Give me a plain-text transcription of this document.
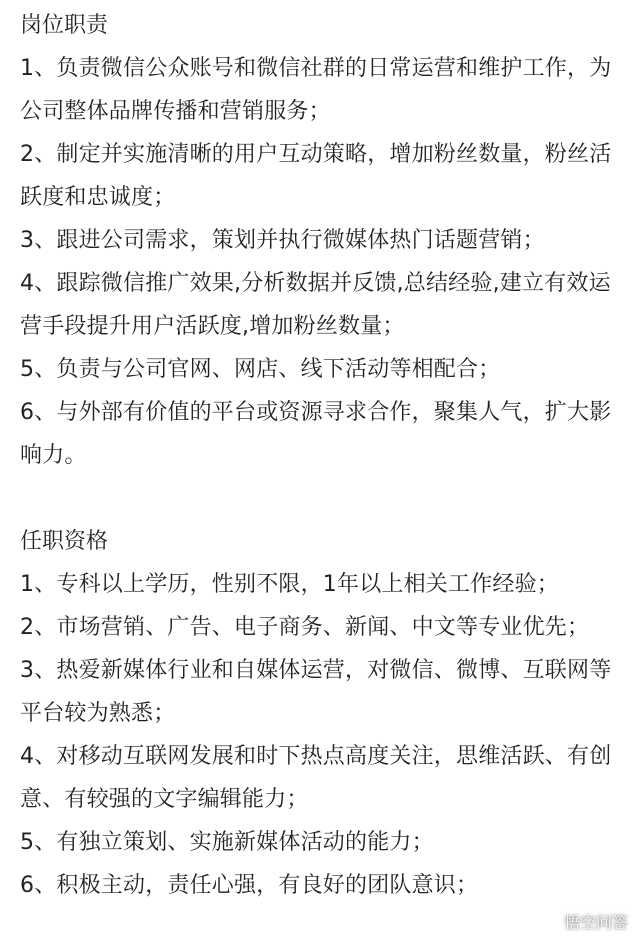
岗位职责

1、负责微信公众账号和微信社群的日常运营和维护工作，为公司整体品牌传播和营销服务；

2、制定并实施清晰的用户互动策略，增加粉丝数量，粉丝活跃度和忠诚度；

3、跟进公司需求，策划并执行微媒体热门话题营销；

4、跟踪微信推广效果,分析数据并反馈,总结经验,建立有效运营手段提升用户活跃度,增加粉丝数量；

5、负责与公司官网、网店、线下活动等相配合；

6、与外部有价值的平台或资源寻求合作，聚集人气，扩大影响力。

任职资格

1、专科以上学历，性别不限，1年以上相关工作经验；

2、市场营销、广告、电子商务、新闻、中文等专业优先；

3、热爱新媒体行业和自媒体运营，对微信、微博、互联网等平台较为熟悉；

4、对移动互联网发展和时下热点高度关注，思维活跃、有创意、有较强的文字编辑能力；

5、有独立策划、实施新媒体活动的能力；

6、积极主动，责任心强，有良好的团队意识；

悟空问答
